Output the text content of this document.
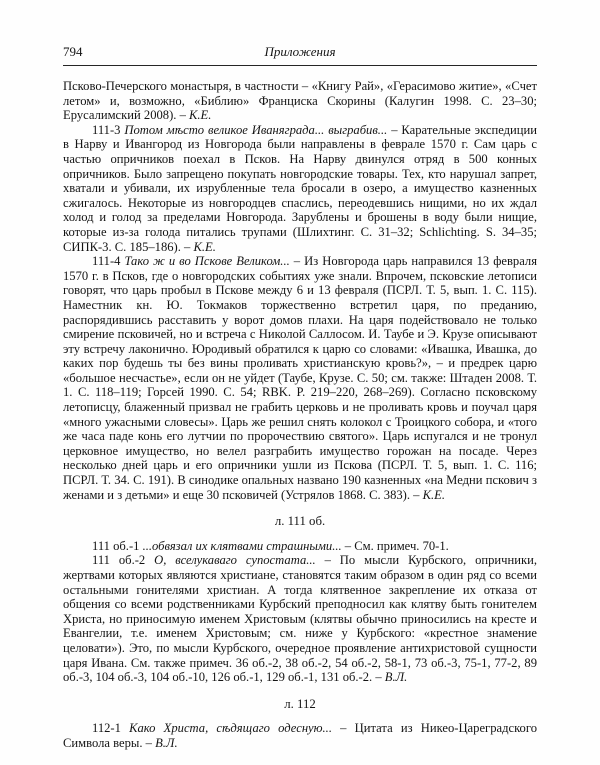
794	Приложения

Псково-Печерского монастыря, в частности – «Книгу Рай», «Герасимово житие», «Счет летом» и, возможно, «Библию» Франциска Скорины (Калугин 1998. С. 23–30; Ерусалимский 2008). – К.Е.

111-3 Потом мѣсто великое Иваняграда... выграбив... – Карательные экспедиции в Нарву и Ивангород из Новгорода были направлены в феврале 1570 г. Сам царь с частью опричников поехал в Псков. На Нарву двинулся отряд в 500 конных опричников. Было запрещено покупать новгородские товары. Тех, кто нарушал запрет, хватали и убивали, их изрубленные тела бросали в озеро, а имущество казненных сжигалось. Некоторые из новгородцев спаслись, переодевшись нищими, но их ждал холод и голод за пределами Новгорода. Зарублены и брошены в воду были нищие, которые из-за голода питались трупами (Шлихтинг. С. 31–32; Schlichting. S. 34–35; СИПК-3. С. 185–186). – К.Е.

111-4 Тако ж и во Пскове Великом... – Из Новгорода царь направился 13 февраля 1570 г. в Псков, где о новгородских событиях уже знали. Впрочем, псковские летописи говорят, что царь пробыл в Пскове между 6 и 13 февраля (ПСРЛ. Т. 5, вып. 1. С. 115). Наместник кн. Ю. Токмаков торжественно встретил царя, по преданию, распорядившись расставить у ворот домов плахи. На царя подействовало не только смирение псковичей, но и встреча с Николой Саллосом. И. Таубе и Э. Крузе описывают эту встречу лаконично. Юродивый обратился к царю со словами: «Ивашка, Ивашка, до каких пор будешь ты без вины проливать христианскую кровь?», – и предрек царю «большое несчастье», если он не уйдет (Таубе, Крузе. С. 50; см. также: Штаден 2008. Т. 1. С. 118–119; Горсей 1990. С. 54; RBK. P. 219–220, 268–269). Согласно псковскому летописцу, блаженный призвал не грабить церковь и не проливать кровь и поучал царя «много ужасными словесы». Царь же решил снять колокол с Троицкого собора, и «того же часа паде конь его лутчии по пророчествию святого». Царь испугался и не тронул церковное имущество, но велел разграбить имущество горожан на посаде. Через несколько дней царь и его опричники ушли из Пскова (ПСРЛ. Т. 5, вып. 1. С. 116; ПСРЛ. Т. 34. С. 191). В синодике опальных названо 190 казненных «на Медни пскович з женами и з детьми» и еще 30 псковичей (Устрялов 1868. С. 383). – К.Е.

л. 111 об.

111 об.-1 ...обвязал их клятвами страшными... – См. примеч. 70-1.

111 об.-2 О, вселукаваго супостата... – По мысли Курбского, опричники, жертвами которых являются христиане, становятся таким образом в один ряд со всеми остальными гонителями христиан. А тогда клятвенное закрепление их отказа от общения со всеми родственниками Курбский преподносил как клятву быть гонителем Христа, но приносимую именем Христовым (клятвы обычно приносились на кресте и Евангелии, т.е. именем Христовым; см. ниже у Курбского: «крестное знамение целовати»). Это, по мысли Курбского, очередное проявление антихристовой сущности царя Ивана. См. также примеч. 36 об.-2, 38 об.-2, 54 об.-2, 58-1, 73 об.-3, 75-1, 77-2, 89 об.-3, 104 об.-3, 104 об.-10, 126 об.-1, 129 об.-1, 131 об.-2. – В.Л.

л. 112

112-1 Како Христа, сѣдящаго одесную... – Цитата из Никео-Цареградского Символа веры. – В.Л.
